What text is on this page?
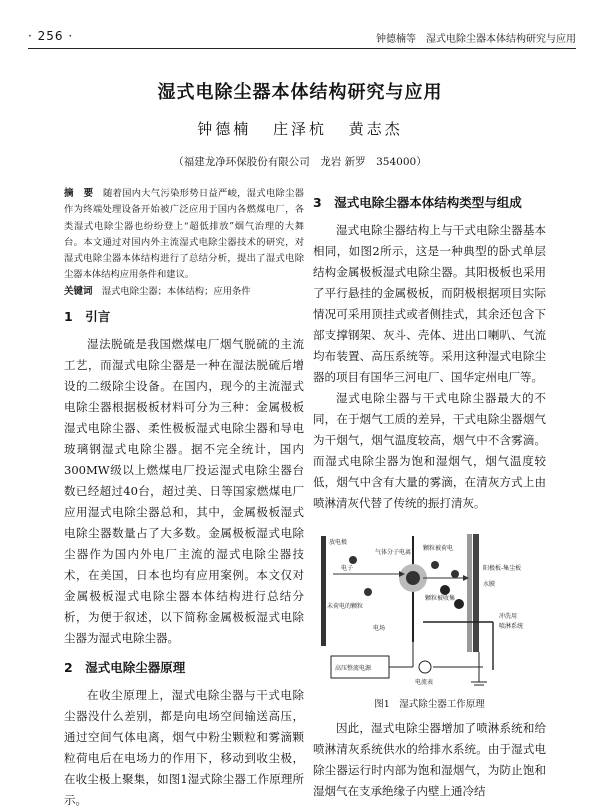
· 256 ·	钟德楠等　湿式电除尘器本体结构研究与应用
湿式电除尘器本体结构研究与应用
钟德楠 庄泽杭 黄志杰
（福建龙净环保股份有限公司　龙岩 新罗　354000）

摘　要　 随着国内大气污染形势日益严峻，湿式电除尘器作为终端处理设备开始被广泛应用于国内各燃煤电厂，各类湿式电除尘器也纷纷登上“超低排放”烟气治理的大舞台。本文通过对国内外主流湿式电除尘器技术的研究，对湿式电除尘器本体结构进行了总结分析，提出了湿式电除尘器本体结构应用条件和建议。

关键词　 湿式电除尘器；本体结构；应用条件

1　引言

湿法脱硫是我国燃煤电厂烟气脱硫的主流工艺，而湿式电除尘器是一种在湿法脱硫后增设的二级除尘设备。在国内，现今的主流湿式电除尘器根据极板材料可分为三种：金属极板湿式电除尘器、柔性极板湿式电除尘器和导电玻璃钢湿式电除尘器。据不完全统计，国内300MW级以上燃煤电厂投运湿式电除尘器台数已经超过40台，超过美、日等国家燃煤电厂应用湿式电除尘器总和，其中，金属极板湿式电除尘器数量占了大多数。金属极板湿式电除尘器作为国内外电厂主流的湿式电除尘器技术，在美国，日本也均有应用案例。本文仅对金属极板湿式电除尘器本体结构进行总结分析，为便于叙述，以下简称金属极板湿式电除尘器为湿式电除尘器。

2　湿式电除尘器原理

在收尘原理上，湿式电除尘器与干式电除尘器没什么差别，都是向电场空间输送高压，通过空间气体电离，烟气中粉尘颗粒和雾滴颗粒荷电后在电场力的作用下，移动到收尘极，在收尘极上聚集，如图1湿式除尘器工作原理所示。

3　湿式电除尘器本体结构类型与组成

湿式电除尘器结构上与干式电除尘器基本相同，如图2所示，这是一种典型的卧式单层结构金属极板湿式电除尘器。其阳极板也采用了平行悬挂的金属极板，而阴极根据项目实际情况可采用顶挂式或者侧挂式，其余还包含下部支撑钢架、灰斗、壳体、进出口喇叭、气流均布装置、高压系统等。采用这种湿式电除尘器的项目有国华三河电厂、国华定州电厂等。

湿式电除尘器与干式电除尘器最大的不同，在于烟气工质的差异，干式电除尘器烟气为干烟气，烟气温度较高，烟气中不含雾滴。而湿式电除尘器为饱和湿烟气，烟气温度较低，烟气中含有大量的雾滴，在清灰方式上由喷淋清灰代替了传统的振打清灰。

放电极
电子
气体分子电离
颗粒被荷电
未荷电的颗粒
颗粒被收集
阳极板-集尘板
水膜
电场
冲洗用
喷淋系统
高压整流电源
电流表
图1　湿式除尘器工作原理

因此，湿式电除尘器增加了喷淋系统和给喷淋清灰系统供水的给排水系统。由于湿式电除尘器运行时内部为饱和湿烟气，为防止饱和湿烟气在支承绝缘子内壁上通冷结
